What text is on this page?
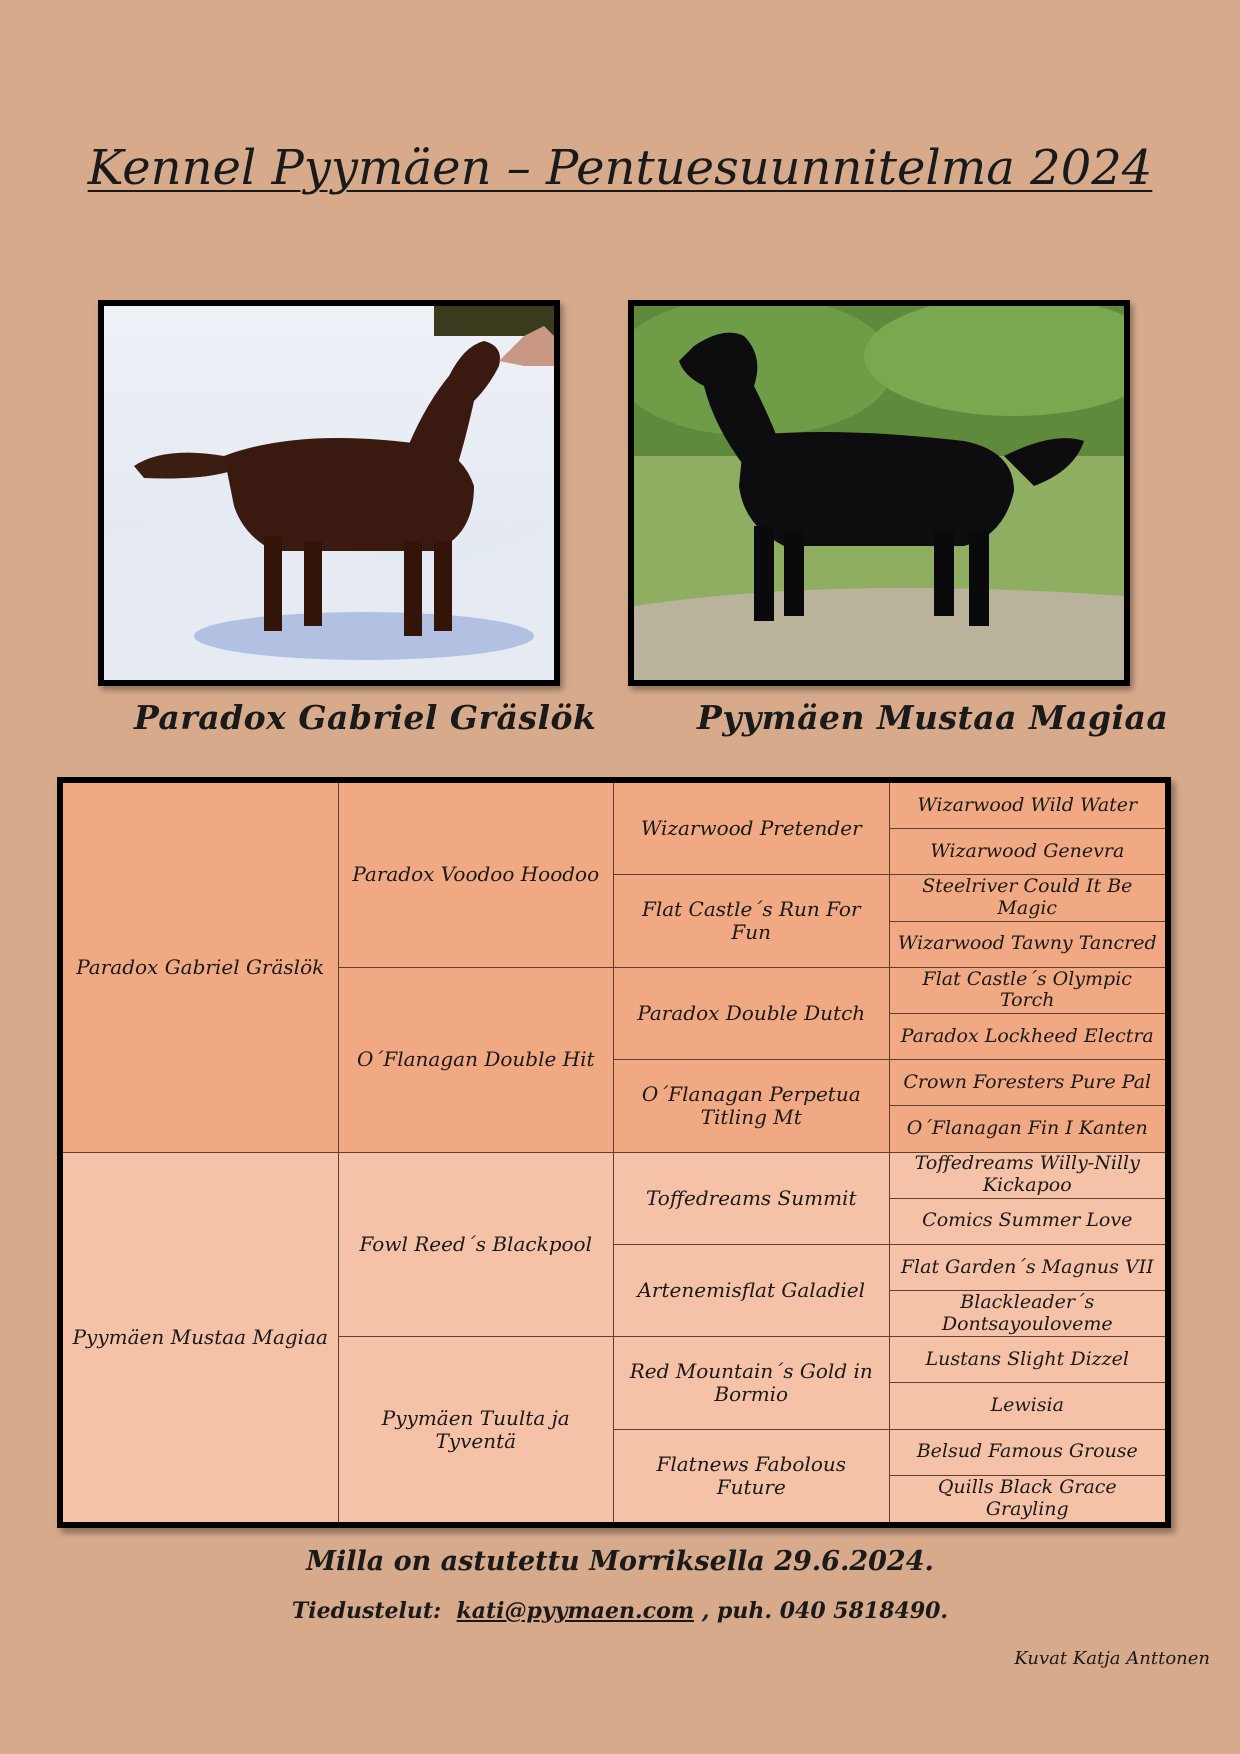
Kennel Pyymäen – Pentuesuunnitelma 2024
Paradox Gabriel Gräslök	Pyymäen Mustaa Magiaa
Paradox Gabriel Gräslök
Pyymäen Mustaa Magiaa
Paradox Voodoo Hoodoo
O´Flanagan Double Hit
Fowl Reed´s Blackpool
Pyymäen Tuulta ja Tyventä
Wizarwood Pretender
Flat Castle´s Run For Fun
Paradox Double Dutch
O´Flanagan Perpetua Titling Mt
Toffedreams Summit
Artenemisflat Galadiel
Red Mountain´s Gold in Bormio
Flatnews Fabolous Future
Wizarwood Wild Water
Wizarwood Genevra
Steelriver Could It Be Magic
Wizarwood Tawny Tancred
Flat Castle´s Olympic Torch
Paradox Lockheed Electra
Crown Foresters Pure Pal
O´Flanagan Fin I Kanten
Toffedreams Willy-Nilly Kickapoo
Comics Summer Love
Flat Garden´s Magnus VII
Blackleader´s Dontsayouloveme
Lustans Slight Dizzel
Lewisia
Belsud Famous Grouse
Quills Black Grace Grayling
Milla on astutettu Morriksella 29.6.2024.
Tiedustelut: kati@pyymaen.com , puh. 040 5818490.
Kuvat Katja Anttonen
